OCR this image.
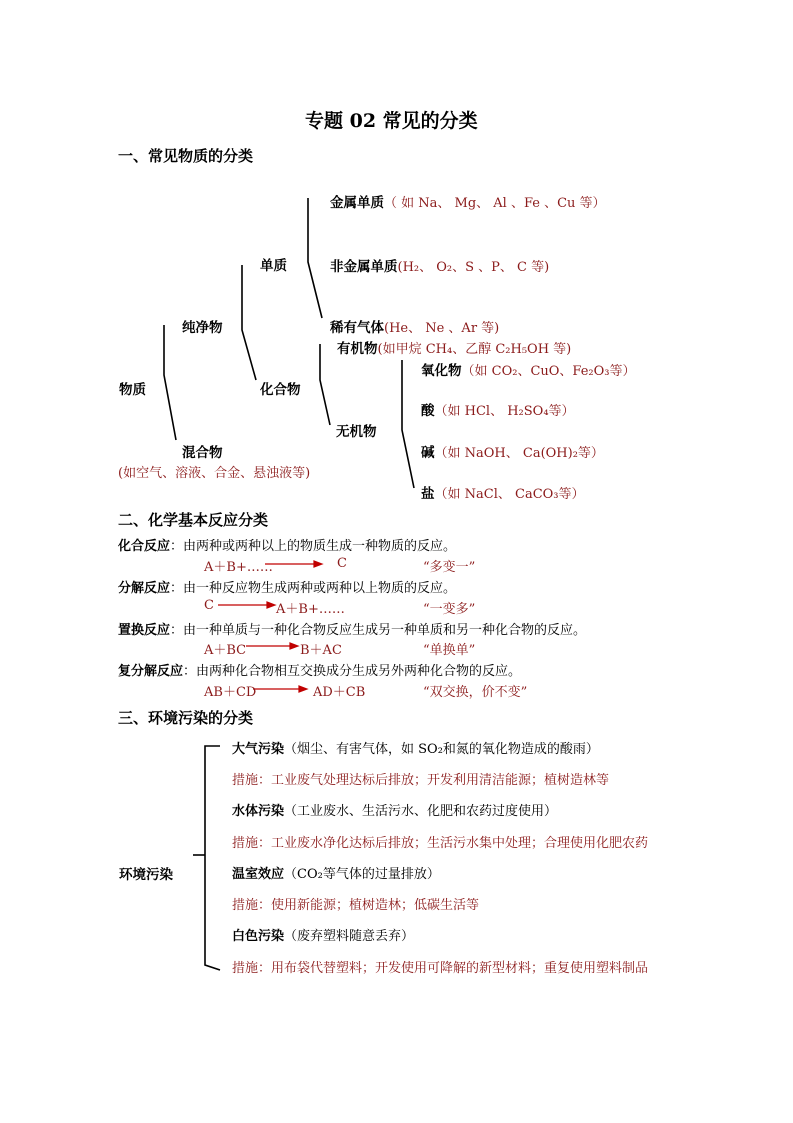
专题 02 常见的分类
一、常见物质的分类
物质
纯净物
混合物
(如空气、溶液、合金、悬浊液等)
单质
化合物
金属单质（ 如 Na、 Mg、 Al 、Fe 、Cu 等）
非金属单质(H₂、 O₂、S 、P、 C 等)
稀有气体(He、 Ne 、Ar 等)
有机物(如甲烷 CH₄、乙醇 C₂H₅OH 等)
无机物
氧化物（如 CO₂、CuO、Fe₂O₃等）
酸（如 HCl、 H₂SO₄等）
碱（如 NaOH、 Ca(OH)₂等）
盐（如 NaCl、 CaCO₃等）
二、化学基本反应分类
化合反应：由两种或两种以上的物质生成一种物质的反应。
A＋B+……	C	“多变一”
分解反应：由一种反应物生成两种或两种以上物质的反应。
C	A＋B+……	“一变多”
置换反应：由一种单质与一种化合物反应生成另一种单质和另一种化合物的反应。
A＋BC	B＋AC	“单换单”
复分解反应：由两种化合物相互交换成分生成另外两种化合物的反应。
AB＋CD	AD＋CB	“双交换，价不变”
三、环境污染的分类
环境污染
大气污染（烟尘、有害气体，如 SO₂和氮的氧化物造成的酸雨）
措施：工业废气处理达标后排放；开发利用清洁能源；植树造林等
水体污染（工业废水、生活污水、化肥和农药过度使用）
措施：工业废水净化达标后排放；生活污水集中处理；合理使用化肥农药
温室效应（CO₂等气体的过量排放）
措施：使用新能源；植树造林；低碳生活等
白色污染（废弃塑料随意丢弃）
措施：用布袋代替塑料；开发使用可降解的新型材料；重复使用塑料制品
